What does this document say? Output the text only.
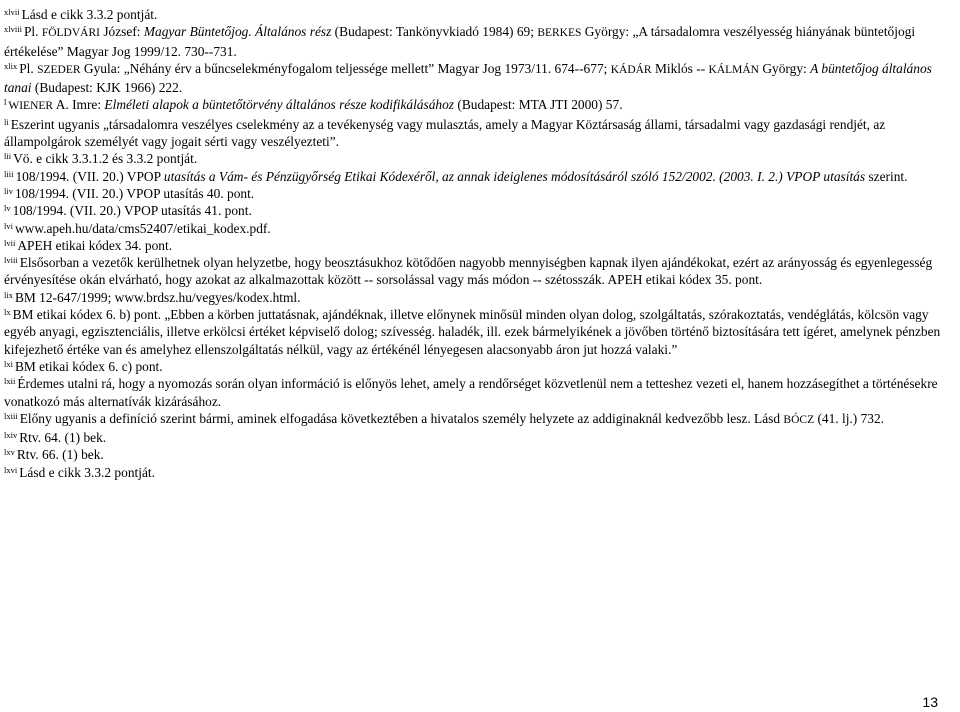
$^{xlvii}$ Lásd e cikk 3.3.2 pontját.

$^{xlviii}$ Pl. FÖLDVÁRI József: Magyar Büntetőjog. Általános rész (Budapest: Tankönyvkiadó 1984) 69; BERKES György: „A társadalomra veszélyesség hiányának büntetőjogi értékelése” Magyar Jog 1999/12. 730--731.

$^{xlix}$ Pl. SZEDER Gyula: „Néhány érv a bűncselekményfogalom teljessége mellett” Magyar Jog 1973/11. 674--677; KÁDÁR Miklós -- KÁLMÁN György: A büntetőjog általános tanai (Budapest: KJK 1966) 222.

$^l$ WIENER A. Imre: Elméleti alapok a büntetőtörvény általános része kodifikálásához (Budapest: MTA JTI 2000) 57.

$^{li}$ Eszerint ugyanis „társadalomra veszélyes cselekmény az a tevékenység vagy mulasztás, amely a Magyar Köztársaság állami, társadalmi vagy gazdasági rendjét, az állampolgárok személyét vagy jogait sérti vagy veszélyezteti”.

$^{lii}$ Vö. e cikk 3.3.1.2 és 3.3.2 pontját.

$^{liii}$ 108/1994. (VII. 20.) VPOP utasítás a Vám- és Pénzügyőrség Etikai Kódexéről, az annak ideiglenes módosításáról szóló 152/2002. (2003. I. 2.) VPOP utasítás szerint.

$^{liv}$ 108/1994. (VII. 20.) VPOP utasítás 40. pont.

$^{lv}$ 108/1994. (VII. 20.) VPOP utasítás 41. pont.

$^{lvi}$ www.apeh.hu/data/cms52407/etikai_kodex.pdf.

$^{lvii}$ APEH etikai kódex 34. pont.

$^{lviii}$ Elsősorban a vezetők kerülhetnek olyan helyzetbe, hogy beosztásukhoz kötődően nagyobb mennyiségben kapnak ilyen ajándékokat, ezért az arányosság és egyenlegesség érvényesítése okán elvárható, hogy azokat az alkalmazottak között -- sorsolással vagy más módon -- szétosszák. APEH etikai kódex 35. pont.

$^{lix}$ BM 12-647/1999; www.brdsz.hu/vegyes/kodex.html.

$^{lx}$ BM etikai kódex 6. b) pont. „Ebben a körben juttatásnak, ajándéknak, illetve előnynek minősül minden olyan dolog, szolgáltatás, szórakoztatás, vendéglátás, kölcsön vagy egyéb anyagi, egzisztenciális, illetve erkölcsi értéket képviselő dolog; szívesség. haladék, ill. ezek bármelyikének a jövőben történő biztosítására tett ígéret, amelynek pénzben kifejezhető értéke van és amelyhez ellenszolgáltatás nélkül, vagy az értékénél lényegesen alacsonyabb áron jut hozzá valaki.”

$^{lxi}$ BM etikai kódex 6. c) pont.

$^{lxii}$ Érdemes utalni rá, hogy a nyomozás során olyan információ is előnyös lehet, amely a rendőrséget közvetlenül nem a tetteshez vezeti el, hanem hozzásegíthet a történésekre vonatkozó más alternatívák kizárásához.

$^{lxiii}$ Előny ugyanis a definíció szerint bármi, aminek elfogadása következtében a hivatalos személy helyzete az addiginaknál kedvezőbb lesz. Lásd BÓCZ (41. lj.) 732.

$^{lxiv}$ Rtv. 64. (1) bek.

$^{lxv}$ Rtv. 66. (1) bek.

$^{lxvi}$ Lásd e cikk 3.3.2 pontját.

13
